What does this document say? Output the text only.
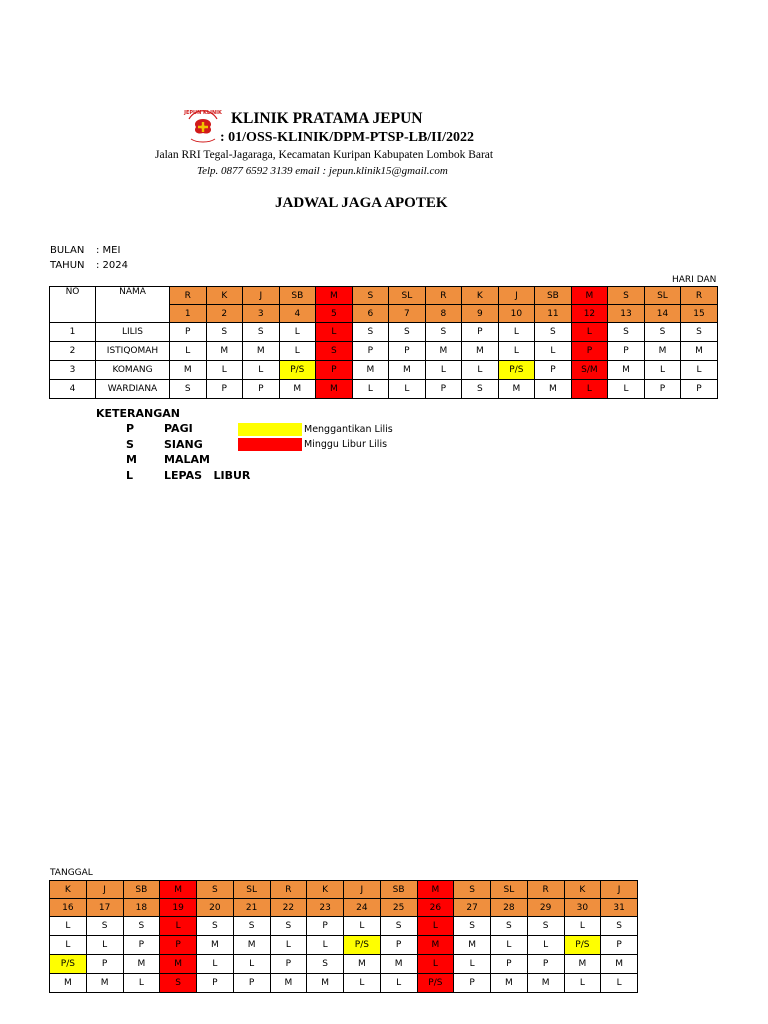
JEPUN KLINIK KLINIK PRATAMA JEPUN
: 01/OSS-KLINIK/DPM-PTSP-LB/II/2022
Jalan RRI Tegal-Jagaraga, Kecamatan Kuripan Kabupaten Lombok Barat
Telp. 0877 6592 3139 email : jepun.klinik15@gmail.com
JADWAL JAGA APOTEK
BULAN : MEI
TAHUN : 2024
HARI DAN
NO	NAMA	R	K	J	SB	M	S	SL	R	K	J	SB	M	S	SL	R
		1	2	3	4	5	6	7	8	9	10	11	12	13	14	15
1	LILIS	P	S	S	L	L	S	S	S	P	L	S	L	S	S	S
2	ISTIQOMAH	L	M	M	L	S	P	P	M	M	L	L	P	P	M	M
3	KOMANG	M	L	L	P/S	P	M	M	L	L	P/S	P	S/M	M	L	L
4	WARDIANA	S	P	P	M	M	L	L	P	S	M	M	L	L	P	P
KETERANGAN
P	PAGI
S	SIANG
M MALAM
L	LEPAS   LIBUR
Menggantikan Lilis
Minggu Libur Lilis
TANGGAL
K	J	SB	M	S	SL	R	K	J	SB	M	S	SL	R	K	J
16	17	18	19	20	21	22	23	24	25	26	27	28	29	30	31
L	S	S	L	S	S	S	P	L	S	L	S	S	S	L	S
L	L	P	P	M	M	L	L	P/S	P	M	M	L	L	P/S	P
P/S	P	M	M	L	L	P	S	M	M	L	L	P	P	M	M
M	M	L	S	P	P	M	M	L	L	P/S	P	M	M	L	L
